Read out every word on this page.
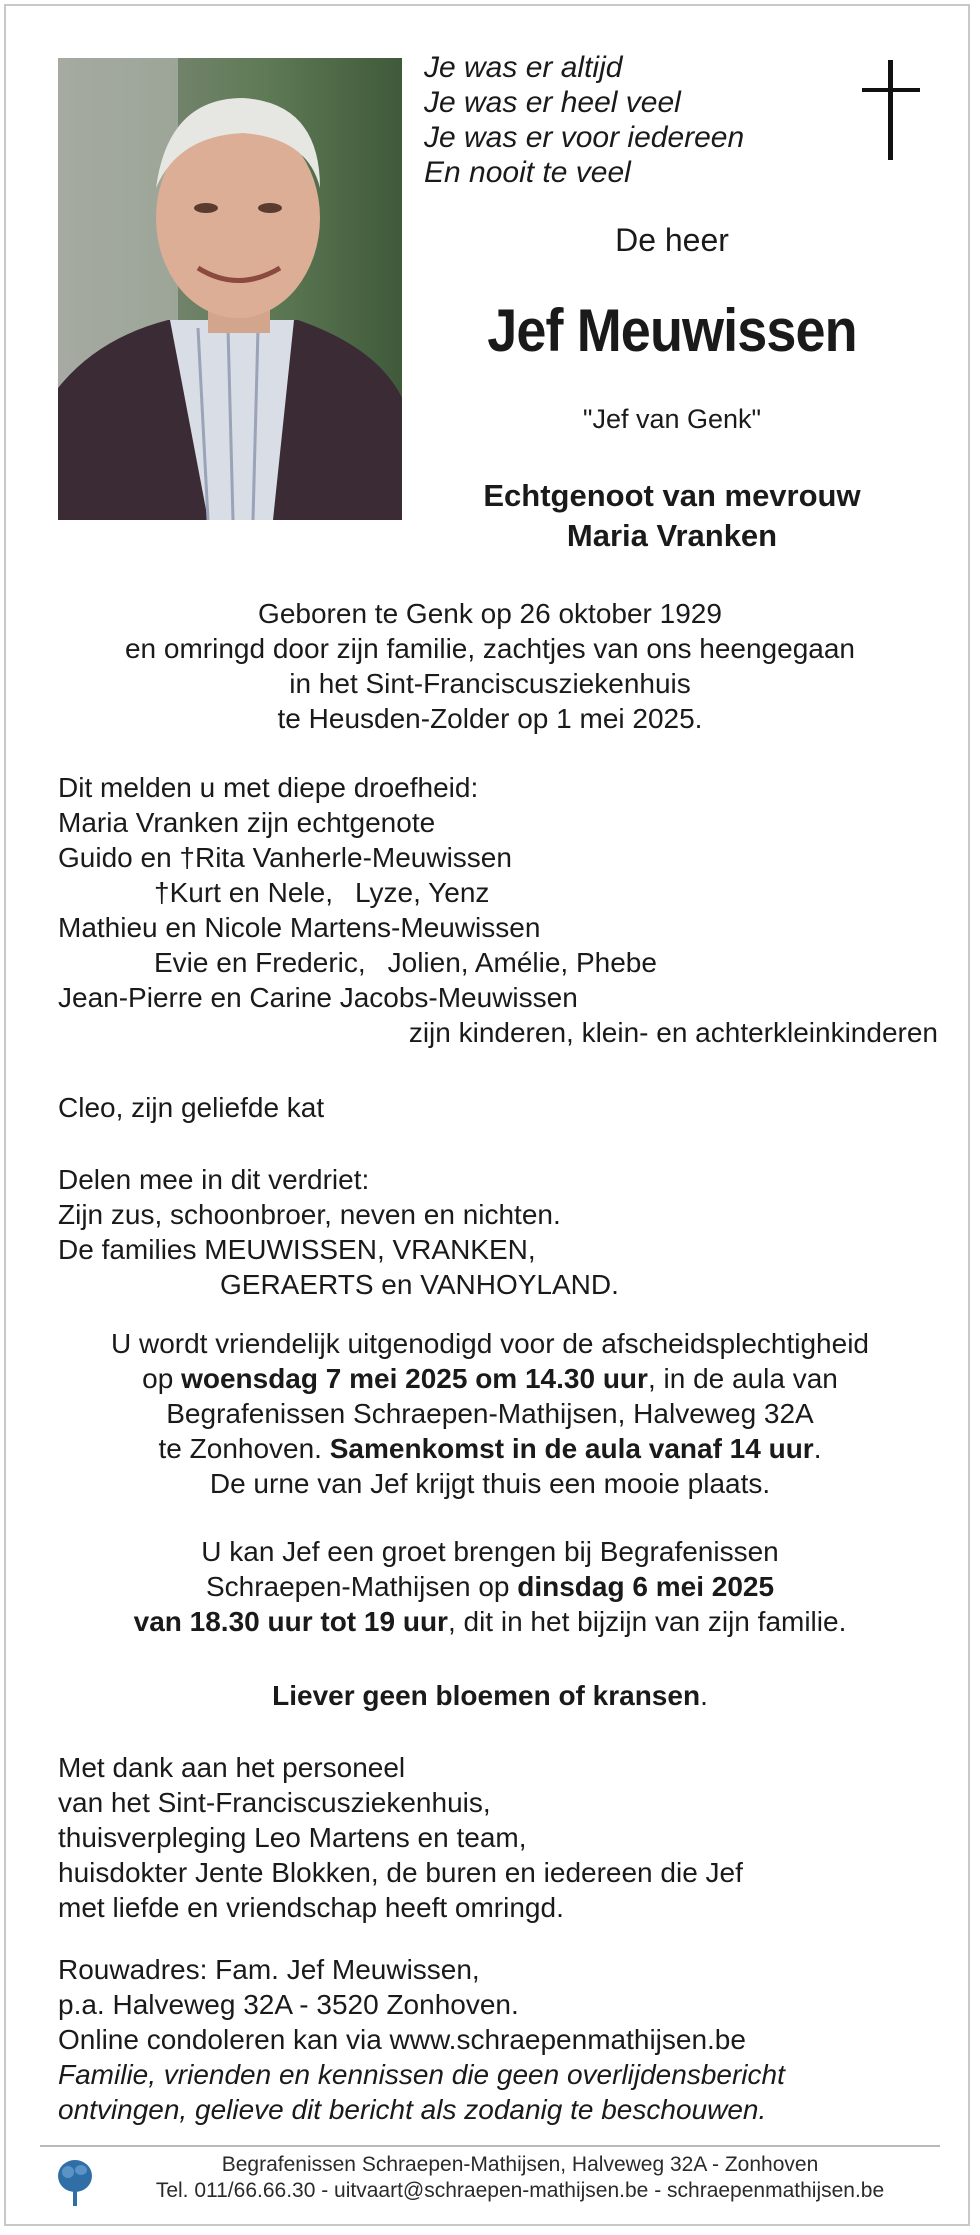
Je was er altijd
Je was er heel veel
Je was er voor iedereen
En nooit te veel
De heer
Jef Meuwissen
"Jef van Genk"
Echtgenoot van mevrouw
Maria Vranken
Geboren te Genk op 26 oktober 1929
en omringd door zijn familie, zachtjes van ons heengegaan
in het Sint-Franciscusziekenhuis
te Heusden-Zolder op 1 mei 2025.
Dit melden u met diepe droefheid:
Maria Vranken zijn echtgenote
Guido en †Rita Vanherle-Meuwissen
†Kurt en Nele, Lyze, Yenz
Mathieu en Nicole Martens-Meuwissen
Evie en Frederic, Jolien, Amélie, Phebe
Jean-Pierre en Carine Jacobs-Meuwissen
zijn kinderen, klein- en achterkleinkinderen
Cleo, zijn geliefde kat
Delen mee in dit verdriet:
Zijn zus, schoonbroer, neven en nichten.
De families MEUWISSEN, VRANKEN,
GERAERTS en VANHOYLAND.
U wordt vriendelijk uitgenodigd voor de afscheidsplechtigheid
op woensdag 7 mei 2025 om 14.30 uur, in de aula van
Begrafenissen Schraepen-Mathijsen, Halveweg 32A
te Zonhoven. Samenkomst in de aula vanaf 14 uur.
De urne van Jef krijgt thuis een mooie plaats.
U kan Jef een groet brengen bij Begrafenissen
Schraepen-Mathijsen op dinsdag 6 mei 2025
van 18.30 uur tot 19 uur, dit in het bijzijn van zijn familie.
Liever geen bloemen of kransen.
Met dank aan het personeel
van het Sint-Franciscusziekenhuis,
thuisverpleging Leo Martens en team,
huisdokter Jente Blokken, de buren en iedereen die Jef
met liefde en vriendschap heeft omringd.
Rouwadres: Fam. Jef Meuwissen,
p.a. Halveweg 32A - 3520 Zonhoven.
Online condoleren kan via www.schraepenmathijsen.be
Familie, vrienden en kennissen die geen overlijdensbericht
ontvingen, gelieve dit bericht als zodanig te beschouwen.
Begrafenissen Schraepen-Mathijsen, Halveweg 32A - Zonhoven
Tel. 011/66.66.30 - uitvaart@schraepen-mathijsen.be - schraepenmathijsen.be
